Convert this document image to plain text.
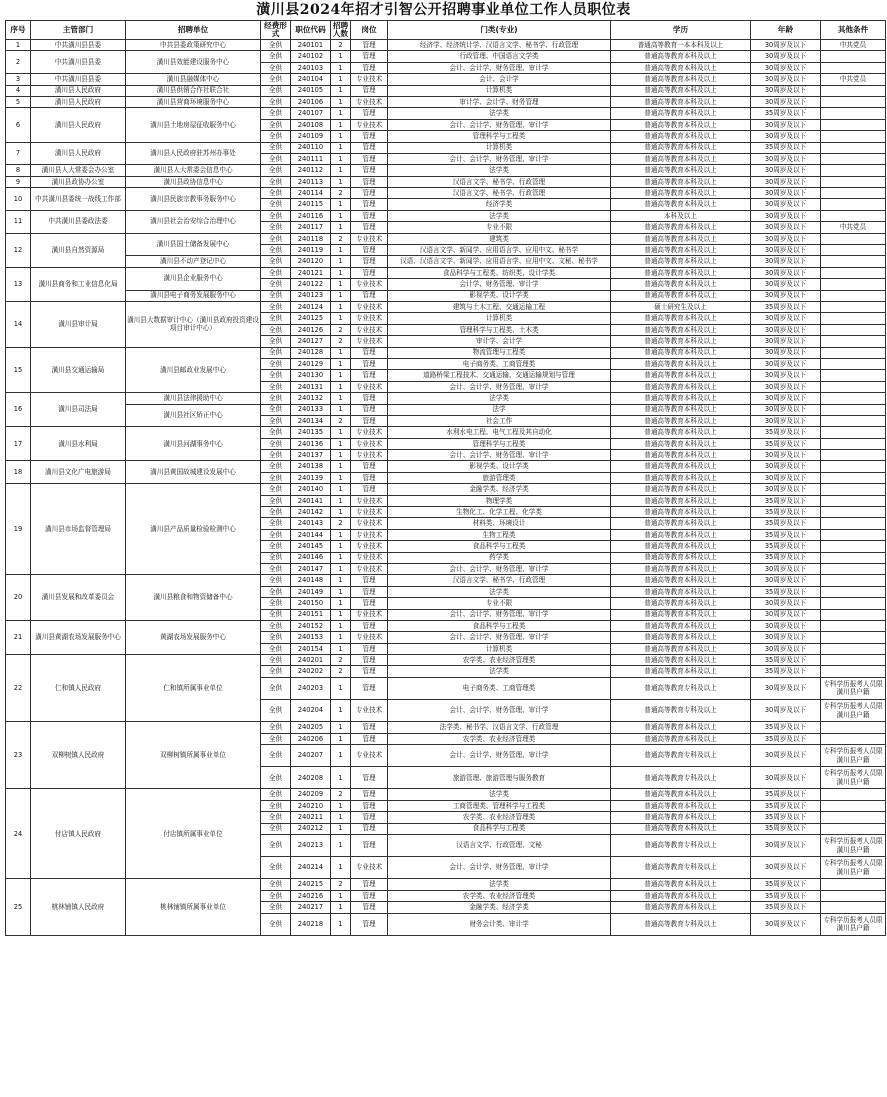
潢川县2024年招才引智公开招聘事业单位工作人员职位表
序号	主管部门	招聘单位	经费形式	职位代码	招聘人数	岗位	门类(专业)	学历	年龄	其他条件
1	中共潢川县县委	中共县委政策研究中心	全供	240101	2	管理	经济学、经济统计学、汉语言文学、秘书学、行政管理	普通高等教育一本本科及以上	30周岁及以下	中共党员
2	中共潢川县县委	潢川县效能建设服务中心	全供	240102	1	管理	行政管理、中国语言文学类	普通高等教育本科及以上	30周岁及以下	
			全供	240103	1	管理	会计、会计学、财务管理、审计学	普通高等教育本科及以上	30周岁及以下	
3	中共潢川县县委	潢川县融媒体中心	全供	240104	1	专业技术	会计、会计学	普通高等教育本科及以上	30周岁及以下	中共党员
4	潢川县人民政府	潢川县供销合作社联合社	全供	240105	1	管理	计算机类	普通高等教育本科及以上	30周岁及以下	
5	潢川县人民政府	潢川县营商环境服务中心	全供	240106	1	专业技术	审计学、会计学、财务管理	普通高等教育本科及以上	30周岁及以下	
6	潢川县人民政府	潢川县土地房屋征收服务中心	全供	240107	1	管理	法学类	普通高等教育本科及以上	35周岁及以下	
			全供	240108	1	专业技术	会计、会计学、财务管理、审计学	普通高等教育本科及以上	30周岁及以下	
			全供	240109	1	管理	管理科学与工程类	普通高等教育本科及以上	30周岁及以下	
7	潢川县人民政府	潢川县人民政府驻苏州办事处	全供	240110	1	管理	计算机类	普通高等教育本科及以上	35周岁及以下	
			全供	240111	1	管理	会计、会计学、财务管理、审计学	普通高等教育本科及以上	30周岁及以下	
8	潢川县人大常委会办公室	潢川县人大常委会信息中心	全供	240112	1	管理	法学类	普通高等教育本科及以上	30周岁及以下	
9	潢川县政协办公室	潢川县政协信息中心	全供	240113	1	管理	汉语言文学、秘书学、行政管理	普通高等教育本科及以上	30周岁及以下	
10	中共潢川县委统一战线工作部	潢川县民族宗教事务服务中心	全供	240114	2	管理	汉语言文学、秘书学、行政管理	普通高等教育本科及以上	30周岁及以下	
			全供	240115	1	管理	经济学类	普通高等教育本科及以上	30周岁及以下	
11	中共潢川县委政法委	潢川县社会治安综合治理中心	全供	240116	1	管理	法学类	本科及以上	30周岁及以下	
			全供	240117	1	管理	专业不限	普通高等教育本科及以上	30周岁及以下	中共党员
12	潢川县自然资源局	潢川县国土储备发展中心	全供	240118	2	专业技术	建筑类	普通高等教育本科及以上	30周岁及以下	
			全供	240119	1	管理	汉语言文学、新闻学、应用语言学、应用中文、秘书学	普通高等教育本科及以上	30周岁及以下	
		潢川县不动产登记中心	全供	240120	1	管理	汉语、汉语言文学、新闻学、应用语言学、应用中文、文秘、秘书学	普通高等教育本科及以上	30周岁及以下	
13	潢川县商务和工业信息化局	潢川县企业服务中心	全供	240121	1	管理	食品科学与工程类、纺织类、设计学类	普通高等教育本科及以上	30周岁及以下	
			全供	240122	1	专业技术	会计学、财务管理、审计学	普通高等教育本科及以上	30周岁及以下	
		潢川县电子商务发展服务中心	全供	240123	1	管理	影视学类、设计学类	普通高等教育本科及以上	30周岁及以下	
14	潢川县审计局	潢川县大数据审计中心（潢川县政府投资建设项目审计中心）	全供	240124	1	专业技术	建筑与土木工程、交通运输工程	硕士研究生及以上	35周岁及以下	
			全供	240125	1	专业技术	计算机类	普通高等教育本科及以上	30周岁及以下	
			全供	240126	2	专业技术	管理科学与工程类、土木类	普通高等教育本科及以上	30周岁及以下	
			全供	240127	2	专业技术	审计学、会计学	普通高等教育本科及以上	30周岁及以下	
15	潢川县交通运输局	潢川县邮政业发展中心	全供	240128	1	管理	物流管理与工程类	普通高等教育本科及以上	30周岁及以下	
			全供	240129	1	管理	电子商务类、工商管理类	普通高等教育本科及以上	30周岁及以下	
			全供	240130	1	管理	道路桥梁工程技术、交通运输、交通运输规划与管理	普通高等教育本科及以上	30周岁及以下	
			全供	240131	1	专业技术	会计、会计学、财务管理、审计学	普通高等教育本科及以上	30周岁及以下	
16	潢川县司法局	潢川县法律援助中心	全供	240132	1	管理	法学类	普通高等教育本科及以上	30周岁及以下	
		潢川县社区矫正中心	全供	240133	1	管理	法学	普通高等教育本科及以上	30周岁及以下	
			全供	240134	2	管理	社会工作	普通高等教育本科及以上	30周岁及以下	
17	潢川县水利局	潢川县河湖事务中心	全供	240135	1	专业技术	水利水电工程、电气工程及其自动化	普通高等教育本科及以上	35周岁及以下	
			全供	240136	1	专业技术	管理科学与工程类	普通高等教育本科及以上	35周岁及以下	
			全供	240137	1	专业技术	会计、会计学、财务管理、审计学	普通高等教育本科及以上	30周岁及以下	
18	潢川县文化广电旅游局	潢川县黄国故城建设发展中心	全供	240138	1	管理	影视学类、设计学类	普通高等教育本科及以上	30周岁及以下	
			全供	240139	1	管理	旅游管理类	普通高等教育本科及以上	30周岁及以下	
19	潢川县市场监督管理局	潢川县产品质量检验检测中心	全供	240140	1	管理	金融学类、经济学类	普通高等教育本科及以上	30周岁及以下	
			全供	240141	1	专业技术	物理学类	普通高等教育本科及以上	35周岁及以下	
			全供	240142	1	专业技术	生物化工、化学工程、化学类	普通高等教育本科及以上	35周岁及以下	
			全供	240143	2	专业技术	材料类、环境设计	普通高等教育本科及以上	35周岁及以下	
			全供	240144	1	专业技术	生物工程类	普通高等教育本科及以上	35周岁及以下	
			全供	240145	1	专业技术	食品科学与工程类	普通高等教育本科及以上	35周岁及以下	
			全供	240146	1	专业技术	药学类	普通高等教育本科及以上	35周岁及以下	
			全供	240147	1	专业技术	会计、会计学、财务管理、审计学	普通高等教育本科及以上	30周岁及以下	
20	潢川县发展和改革委员会	潢川县粮食和物资储备中心	全供	240148	1	管理	汉语言文学、秘书学、行政管理	普通高等教育本科及以上	30周岁及以下	
			全供	240149	1	管理	法学类	普通高等教育本科及以上	35周岁及以下	
			全供	240150	1	管理	专业不限	普通高等教育本科及以上	30周岁及以下	
			全供	240151	1	专业技术	会计、会计学、财务管理、审计学	普通高等教育本科及以上	30周岁及以下	
21	潢川县黄湖农场发展服务中心	黄湖农场发展服务中心	全供	240152	1	管理	食品科学与工程类	普通高等教育本科及以上	30周岁及以下	
			全供	240153	1	专业技术	会计、会计学、财务管理、审计学	普通高等教育本科及以上	30周岁及以下	
			全供	240154	1	管理	计算机类	普通高等教育本科及以上	30周岁及以下	
22	仁和镇人民政府	仁和镇所属事业单位	全供	240201	2	管理	农学类、农业经济管理类	普通高等教育本科及以上	35周岁及以下	
			全供	240202	2	管理	法学类	普通高等教育本科及以上	35周岁及以下	
			全供	240203	1	管理	电子商务类、工商管理类	普通高等教育专科及以上	30周岁及以下	专科学历报考人员限潢川县户籍
			全供	240204	1	专业技术	会计、会计学、财务管理、审计学	普通高等教育专科及以上	30周岁及以下	专科学历报考人员限潢川县户籍
23	双柳树镇人民政府	双柳树镇所属事业单位	全供	240205	1	管理	法学类、秘书学、汉语言文学、行政管理	普通高等教育本科及以上	35周岁及以下	
			全供	240206	1	管理	农学类、农业经济管理类	普通高等教育本科及以上	35周岁及以下	
			全供	240207	1	专业技术	会计、会计学、财务管理、审计学	普通高等教育专科及以上	30周岁及以下	专科学历报考人员限潢川县户籍
			全供	240208	1	管理	旅游管理、旅游管理与服务教育	普通高等教育专科及以上	30周岁及以下	专科学历报考人员限潢川县户籍
24	付店镇人民政府	付店镇所属事业单位	全供	240209	2	管理	法学类	普通高等教育本科及以上	35周岁及以下	
			全供	240210	1	管理	工商管理类、管理科学与工程类	普通高等教育本科及以上	35周岁及以下	
			全供	240211	1	管理	农学类、农业经济管理类	普通高等教育本科及以上	35周岁及以下	
			全供	240212	1	管理	食品科学与工程类	普通高等教育本科及以上	35周岁及以下	
			全供	240213	1	管理	汉语言文学、行政管理、文秘	普通高等教育专科及以上	30周岁及以下	专科学历报考人员限潢川县户籍
			全供	240214	1	专业技术	会计、会计学、财务管理、审计学	普通高等教育专科及以上	30周岁及以下	专科学历报考人员限潢川县户籍
25	桃林铺镇人民政府	桃林铺镇所属事业单位	全供	240215	2	管理	法学类	普通高等教育本科及以上	35周岁及以下	
			全供	240216	1	管理	农学类、农业经济管理类	普通高等教育本科及以上	35周岁及以下	
			全供	240217	1	管理	金融学类、经济学类	普通高等教育本科及以上	35周岁及以下	
			全供	240218	1	管理	财务会计类、审计学	普通高等教育专科及以上	30周岁及以下	专科学历报考人员限潢川县户籍
